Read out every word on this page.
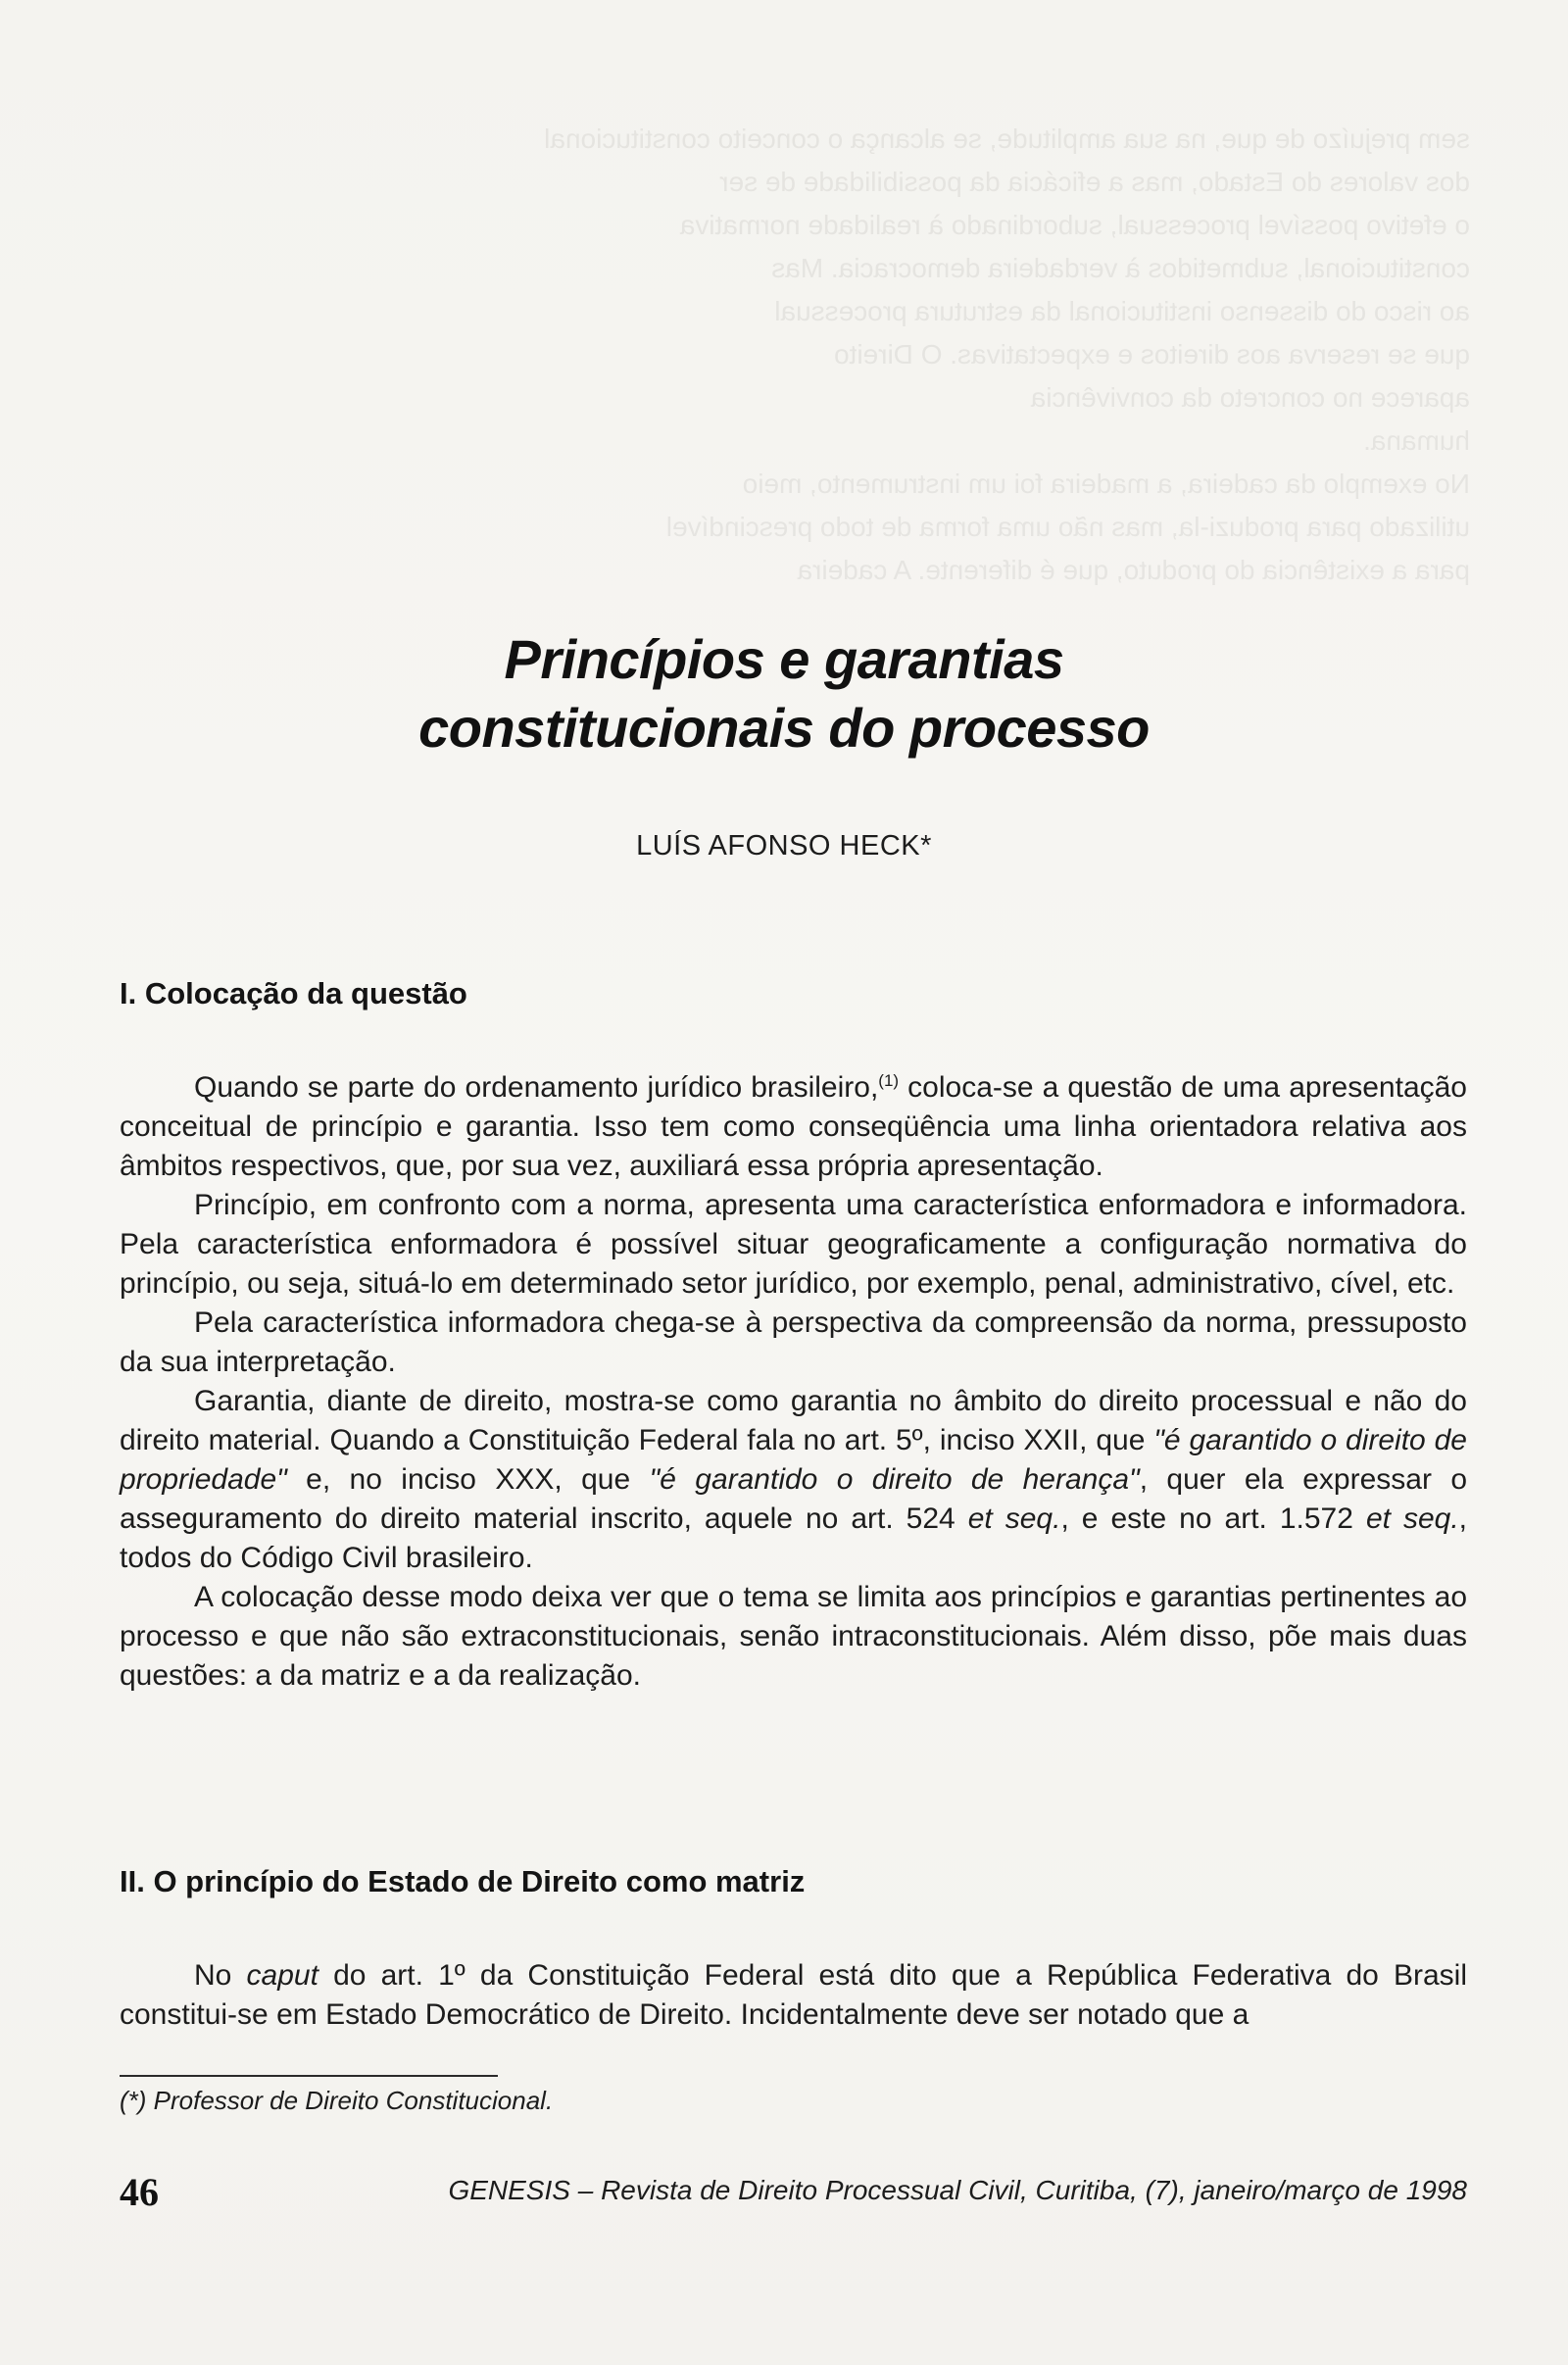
sem prejuízo de que, na sua amplitude, se alcança o conceito constitucional
dos valores do Estado, mas a eficácia da possibilidade de ser
o efetivo possível processual, subordinado à realidade normativa
constitucional, submetidos à verdadeira democracia. Mas
ao risco do dissenso institucional da estrutura processual
que se reserva aos direitos e expectativas. O Direito
aparece no concreto da convivência
humana.
No exemplo da cadeira, a madeira foi um instrumento, meio
utilizado para produzi-la, mas não uma forma de todo prescindível
para a existência do produto, que é diferente. A cadeira
Princípios e garantias
constitucionais do processo
LUÍS AFONSO HECK*
I. Colocação da questão

Quando se parte do ordenamento jurídico brasileiro,$^{(1)}$ coloca-se a questão de uma apresentação conceitual de princípio e garantia. Isso tem como conseqüência uma linha orientadora relativa aos âmbitos respectivos, que, por sua vez, auxiliará essa própria apresentação.

Princípio, em confronto com a norma, apresenta uma característica enformadora e informadora. Pela característica enformadora é possível situar geograficamente a configuração normativa do princípio, ou seja, situá-lo em determinado setor jurídico, por exemplo, penal, administrativo, cível, etc.

Pela característica informadora chega-se à perspectiva da compreensão da norma, pressuposto da sua interpretação.

Garantia, diante de direito, mostra-se como garantia no âmbito do direito processual e não do direito material. Quando a Constituição Federal fala no art. 5º, inciso XXII, que "é garantido o direito de propriedade" e, no inciso XXX, que "é garantido o direito de herança", quer ela expressar o asseguramento do direito material inscrito, aquele no art. 524 et seq., e este no art. 1.572 et seq., todos do Código Civil brasileiro.

A colocação desse modo deixa ver que o tema se limita aos princípios e garantias pertinentes ao processo e que não são extraconstitucionais, senão intraconstitucionais. Além disso, põe mais duas questões: a da matriz e a da realização.

II. O princípio do Estado de Direito como matriz

No caput do art. 1º da Constituição Federal está dito que a República Federativa do Brasil constitui-se em Estado Democrático de Direito. Incidentalmente deve ser notado que a

(*) Professor de Direito Constitucional.
46	GENESIS – Revista de Direito Processual Civil, Curitiba, (7), janeiro/março de 1998
